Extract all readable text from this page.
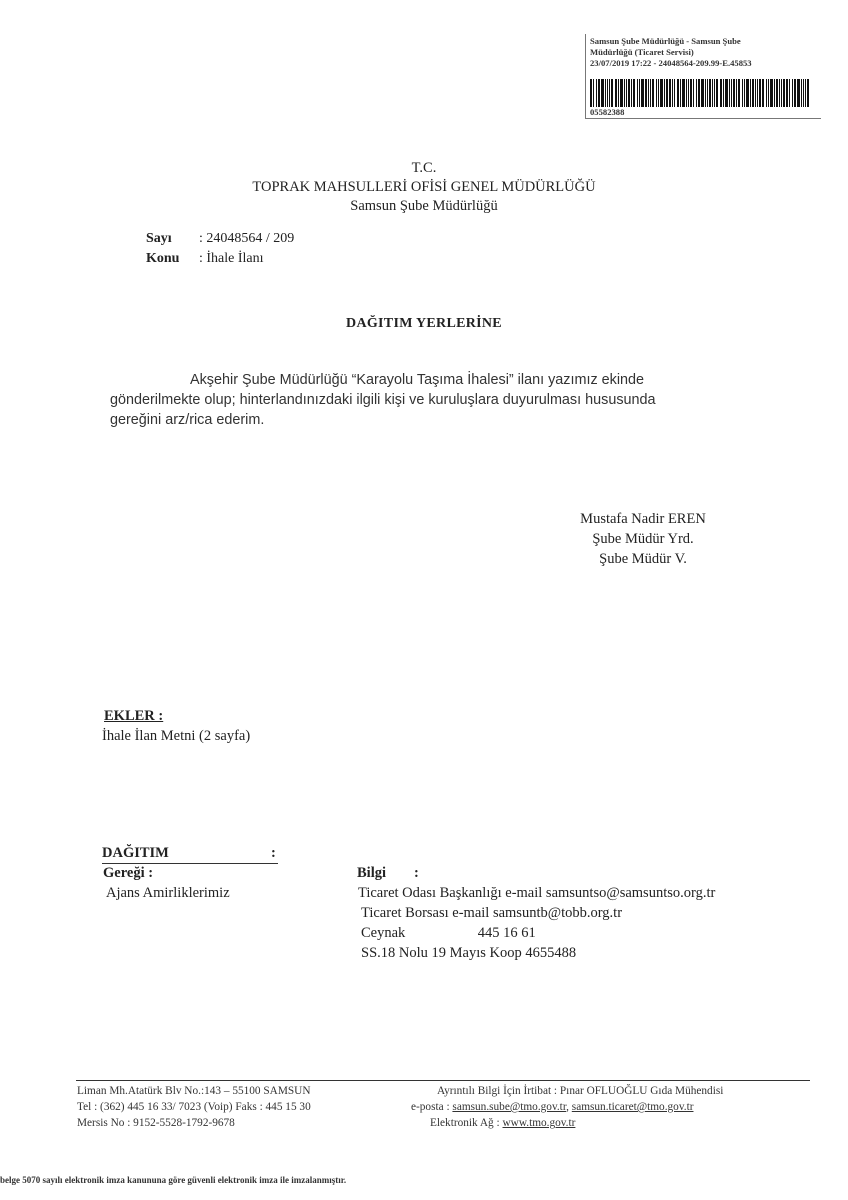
Samsun Şube Müdürlüğü - Samsun Şube
Müdürlüğü (Ticaret Servisi)
23/07/2019 17:22 - 24048564-209.99-E.45853
05582388
T.C.
TOPRAK MAHSULLERİ OFİSİ GENEL MÜDÜRLÜĞÜ
Samsun Şube Müdürlüğü
Sayı : 24048564 / 209
Konu : İhale İlanı
DAĞITIM YERLERİNE
Akşehir Şube Müdürlüğü “Karayolu Taşıma İhalesi” ilanı yazımız ekinde
gönderilmekte olup; hinterlandınızdaki ilgili kişi ve kuruluşlara duyurulması hususunda
gereğini arz/rica ederim.
Mustafa Nadir EREN
Şube Müdür Yrd.
Şube Müdür V.
EKLER :
İhale İlan Metni (2 sayfa)
DAĞITIM	:
Gereği :
Ajans Amirliklerimiz
Bilgi :
Ticaret Odası Başkanlığı e-mail samsuntso@samsuntso.org.tr
Ticaret Borsası e-mail samsuntb@tobb.org.tr
Ceynak                    445 16 61
SS.18 Nolu 19 Mayıs Koop 4655488
Liman Mh.Atatürk Blv No.:143 – 55100 SAMSUN
Tel : (362) 445 16 33/ 7023 (Voip) Faks : 445 15 30
Mersis No : 9152-5528-1792-9678
Ayrıntılı Bilgi İçin İrtibat : Pınar OFLUOĞLU Gıda Mühendisi
e-posta : samsun.sube@tmo.gov.tr, samsun.ticaret@tmo.gov.tr
Elektronik Ağ : www.tmo.gov.tr
belge 5070 sayılı elektronik imza kanununa göre güvenli elektronik imza ile imzalanmıştır.
